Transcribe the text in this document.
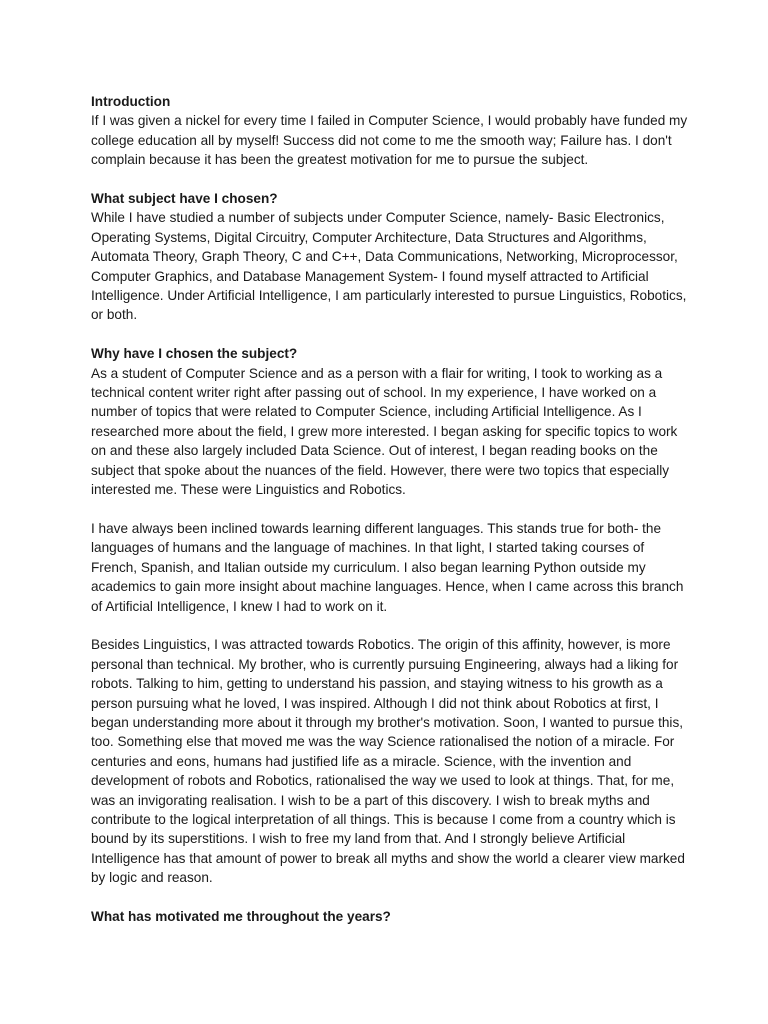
Introduction

If I was given a nickel for every time I failed in Computer Science, I would probably have funded my college education all by myself! Success did not come to me the smooth way; Failure has. I don't complain because it has been the greatest motivation for me to pursue the subject.

What subject have I chosen?

While I have studied a number of subjects under Computer Science, namely- Basic Electronics, Operating Systems, Digital Circuitry, Computer Architecture, Data Structures and Algorithms, Automata Theory, Graph Theory, C and C++, Data Communications, Networking, Microprocessor, Computer Graphics, and Database Management System- I found myself attracted to Artificial Intelligence. Under Artificial Intelligence, I am particularly interested to pursue Linguistics, Robotics, or both.

Why have I chosen the subject?

As a student of Computer Science and as a person with a flair for writing, I took to working as a technical content writer right after passing out of school. In my experience, I have worked on a number of topics that were related to Computer Science, including Artificial Intelligence. As I researched more about the field, I grew more interested. I began asking for specific topics to work on and these also largely included Data Science. Out of interest, I began reading books on the subject that spoke about the nuances of the field. However, there were two topics that especially interested me. These were Linguistics and Robotics.

I have always been inclined towards learning different languages. This stands true for both- the languages of humans and the language of machines. In that light, I started taking courses of French, Spanish, and Italian outside my curriculum. I also began learning Python outside my academics to gain more insight about machine languages. Hence, when I came across this branch of Artificial Intelligence, I knew I had to work on it.

Besides Linguistics, I was attracted towards Robotics. The origin of this affinity, however, is more personal than technical. My brother, who is currently pursuing Engineering, always had a liking for robots. Talking to him, getting to understand his passion, and staying witness to his growth as a person pursuing what he loved, I was inspired. Although I did not think about Robotics at first, I began understanding more about it through my brother's motivation. Soon, I wanted to pursue this, too. Something else that moved me was the way Science rationalised the notion of a miracle. For centuries and eons, humans had justified life as a miracle. Science, with the invention and development of robots and Robotics, rationalised the way we used to look at things. That, for me, was an invigorating realisation. I wish to be a part of this discovery. I wish to break myths and contribute to the logical interpretation of all things. This is because I come from a country which is bound by its superstitions. I wish to free my land from that. And I strongly believe Artificial Intelligence has that amount of power to break all myths and show the world a clearer view marked by logic and reason.

What has motivated me throughout the years?
